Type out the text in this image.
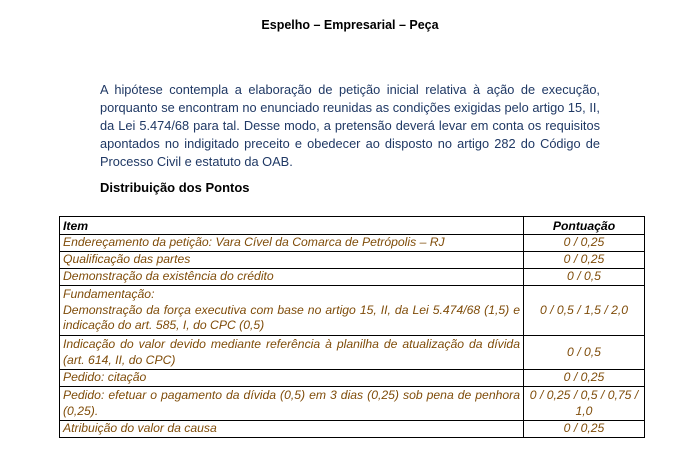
Espelho – Empresarial – Peça

A hipótese contempla a elaboração de petição inicial relativa à ação de execução, porquanto se encontram no enunciado reunidas as condições exigidas pelo artigo 15, II, da Lei 5.474/68 para tal. Desse modo, a pretensão deverá levar em conta os requisitos apontados no indigitado preceito e obedecer ao disposto no artigo 282 do Código de Processo Civil e estatuto da OAB.

Distribuição dos Pontos
Item	Pontuação
Endereçamento da petição: Vara Cível da Comarca de Petrópolis – RJ	0 / 0,25
Qualificação das partes	0 / 0,25
Demonstração da existência do crédito	0 / 0,5

Fundamentação:
Demonstração da força executiva com base no artigo 15, II, da Lei 5.474/68 (1,5) e indicação do art. 585, I, do CPC (0,5)	0 / 0,5 / 1,5 / 2,0
Indicação do valor devido mediante referência à planilha de atualização da dívida (art. 614, II, do CPC)	0 / 0,5
Pedido: citação	0 / 0,25
Pedido: efetuar o pagamento da dívida (0,5) em 3 dias (0,25) sob pena de penhora (0,25).	0 / 0,25 / 0,5 / 0,75 / 1,0
Atribuição do valor da causa	0 / 0,25
